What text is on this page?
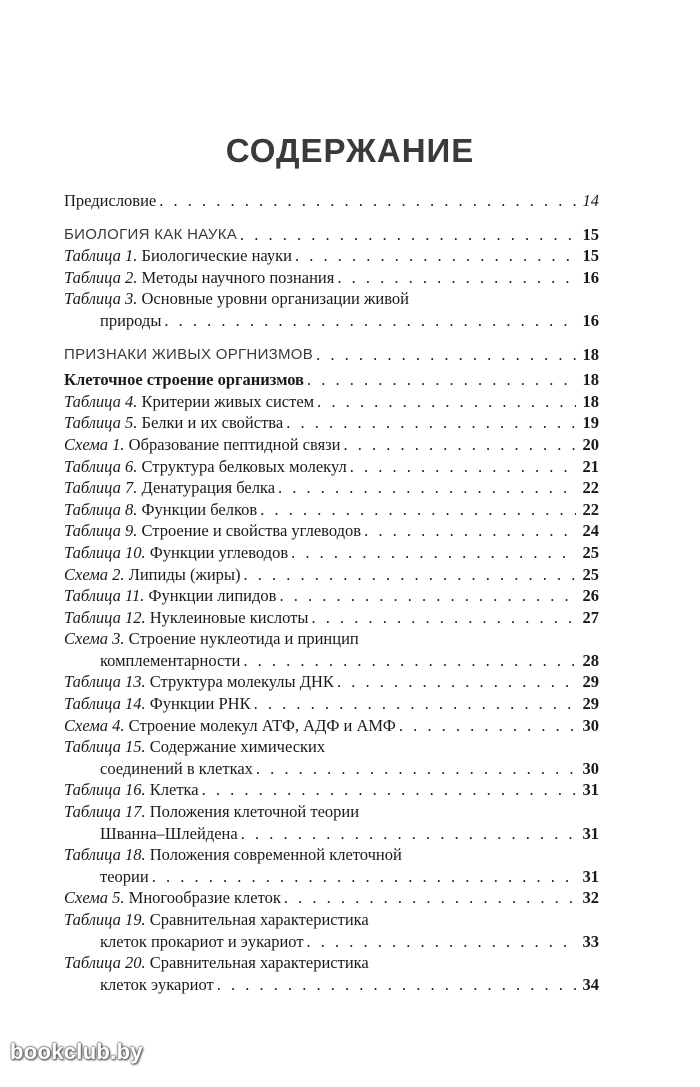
СОДЕРЖАНИЕ
Предисловие . . .	14
БИОЛОГИЯ КАК НАУКА . . .	15
Таблица 1. Биологические науки . . .	15
Таблица 2. Методы научного познания . . .	16
Таблица 3. Основные уровни организации живой
природы . . .	16
ПРИЗНАКИ ЖИВЫХ ОРГНИЗМОВ . . .	18
Клеточное строение организмов . . .	18
Таблица 4. Критерии живых систем . . .	18
Таблица 5. Белки и их свойства . . .	19
Схема 1. Образование пептидной связи . . .	20
Таблица 6. Структура белковых молекул . . .	21
Таблица 7. Денатурация белка . . .	22
Таблица 8. Функции белков . . .	22
Таблица 9. Строение и свойства углеводов . . .	24
Таблица 10. Функции углеводов . . .	25
Схема 2. Липиды (жиры) . . .	25
Таблица 11. Функции липидов . . .	26
Таблица 12. Нуклеиновые кислоты . . .	27
Схема 3. Строение нуклеотида и принцип
комплементарности . . .	28
Таблица 13. Структура молекулы ДНК . . .	29
Таблица 14. Функции РНК . . .	29
Схема 4. Строение молекул АТФ, АДФ и АМФ . . .	30
Таблица 15. Содержание химических
соединений в клетках . . .	30
Таблица 16. Клетка . . .	31
Таблица 17. Положения клеточной теории
Шванна–Шлейдена . . .	31
Таблица 18. Положения современной клеточной
теории . . .	31
Схема 5. Многообразие клеток . . .	32
Таблица 19. Сравнительная характеристика
клеток прокариот и эукариот . . .	33
Таблица 20. Сравнительная характеристика
клеток эукариот . . .	34
bookclub.by
